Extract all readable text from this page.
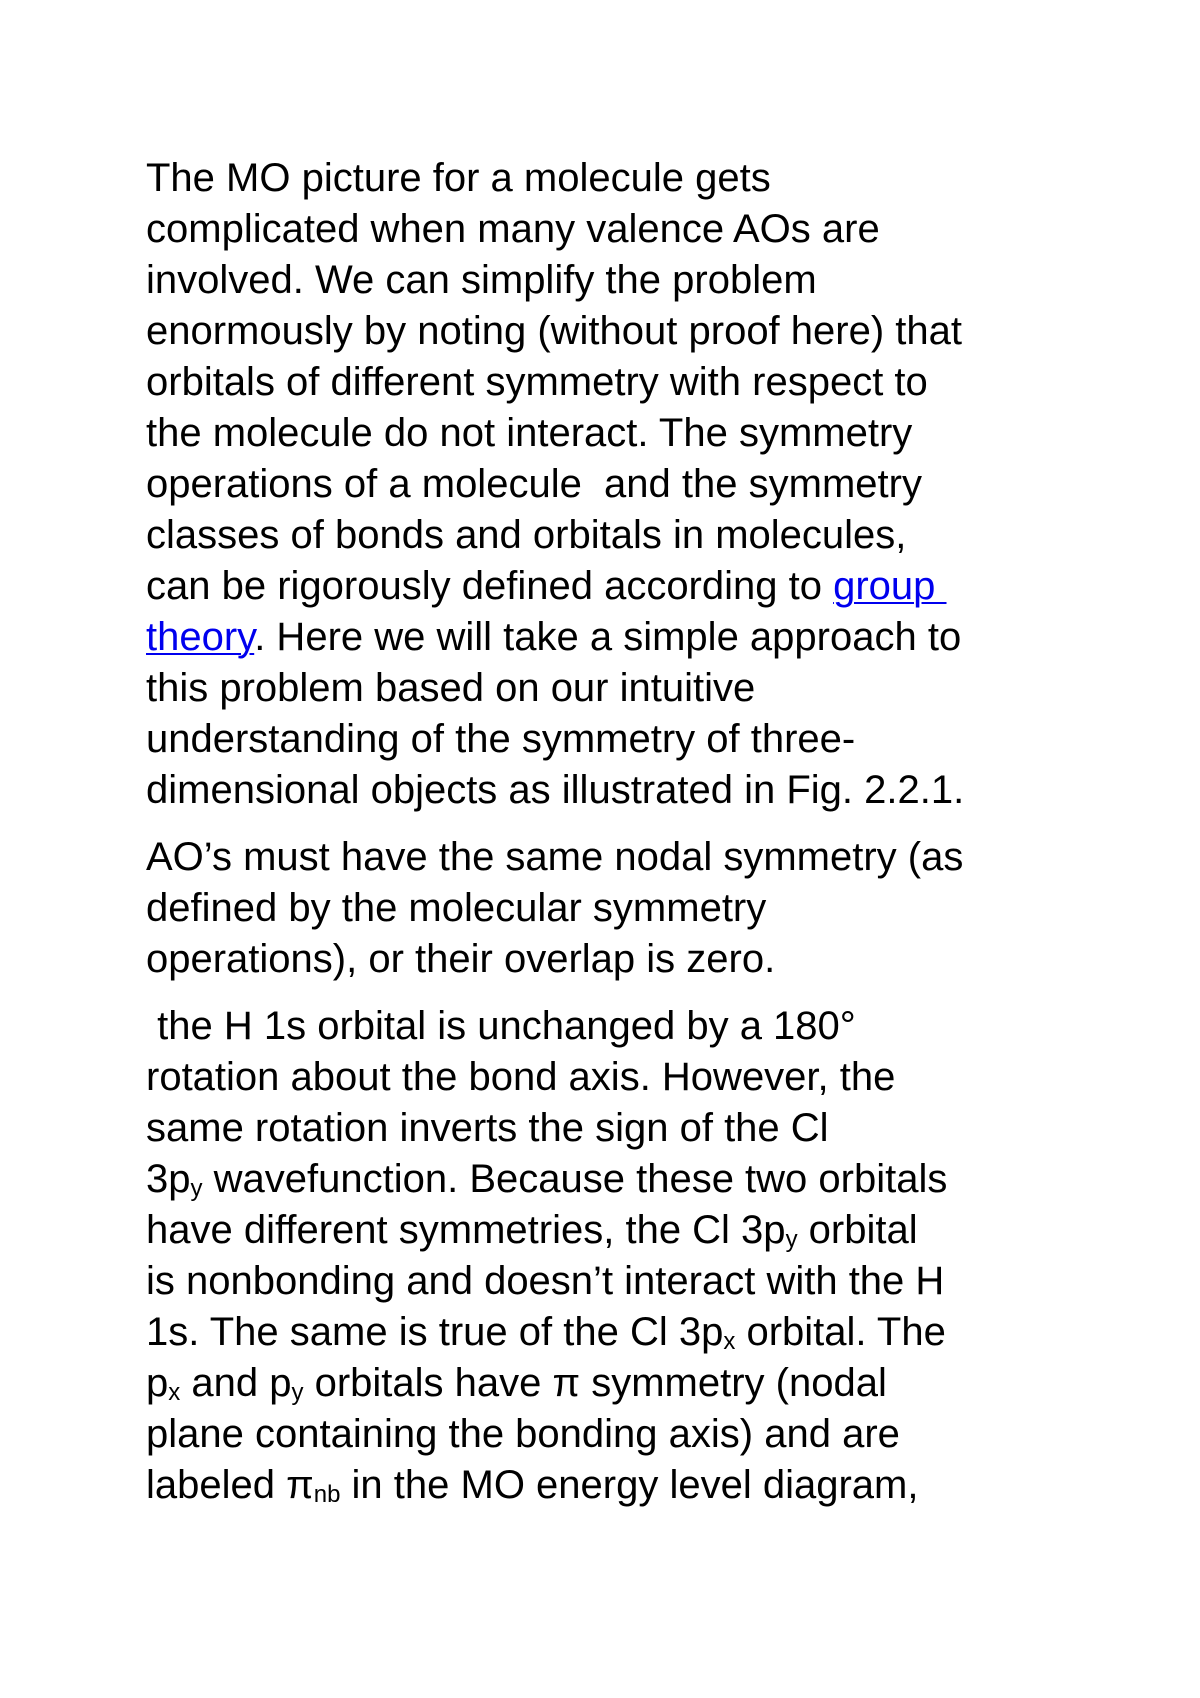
The MO picture for a molecule gets
complicated when many valence AOs are
involved. We can simplify the problem
enormously by noting (without proof here) that
orbitals of different symmetry with respect to
the molecule do not interact. The symmetry
operations of a molecule  and the symmetry
classes of bonds and orbitals in molecules,
can be rigorously defined according to group
theory. Here we will take a simple approach to
this problem based on our intuitive
understanding of the symmetry of three-
dimensional objects as illustrated in Fig. 2.2.1.
AO’s must have the same nodal symmetry (as
defined by the molecular symmetry
operations), or their overlap is zero.
the H 1s orbital is unchanged by a 180°
rotation about the bond axis. However, the
same rotation inverts the sign of the Cl
$3p_y$ wavefunction. Because these two orbitals
have different symmetries, the Cl $3p_y$ orbital
is nonbonding and doesn’t interact with the H
1s. The same is true of the Cl $3p_x$ orbital. The
$p_x$ and $p_y$ orbitals have π symmetry (nodal
plane containing the bonding axis) and are
labeled $\pi_{nb}$ in the MO energy level diagram,
